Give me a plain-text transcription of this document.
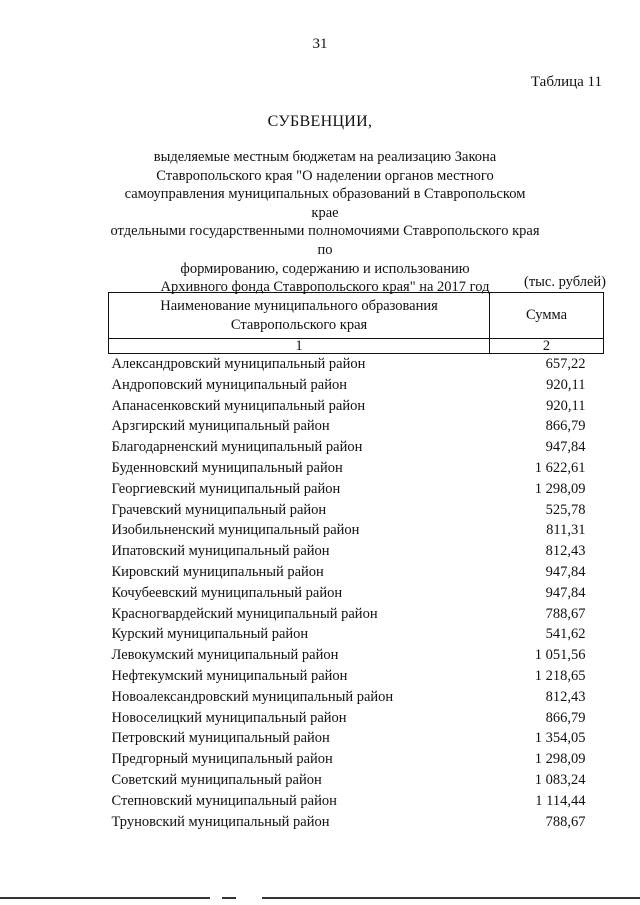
31
Таблица 11
СУБВЕНЦИИ,
выделяемые местным бюджетам на реализацию Закона
Ставропольского края "О наделении органов местного
самоуправления муниципальных образований в Ставропольском крае
отдельными государственными полномочиями Ставропольского края по
формированию, содержанию и использованию
Архивного фонда Ставропольского края" на 2017 год	(тыс. рублей)
Наименование муниципального образования
Ставропольского края	Сумма
1	2
Александровский муниципальный район	657,22
Андроповский муниципальный район	920,11
Апанасенковский муниципальный район	920,11
Арзгирский муниципальный район	866,79
Благодарненский муниципальный район	947,84
Буденновский муниципальный район	1 622,61
Георгиевский муниципальный район	1 298,09
Грачевский муниципальный район	525,78
Изобильненский муниципальный район	811,31
Ипатовский муниципальный район	812,43
Кировский муниципальный район	947,84
Кочубеевский муниципальный район	947,84
Красногвардейский муниципальный район	788,67
Курский муниципальный район	541,62
Левокумский муниципальный район	1 051,56
Нефтекумский муниципальный район	1 218,65
Новоалександровский муниципальный район	812,43
Новоселицкий муниципальный район	866,79
Петровский муниципальный район	1 354,05
Предгорный муниципальный район	1 298,09
Советский муниципальный район	1 083,24
Степновский муниципальный район	1 114,44
Труновский муниципальный район	788,67
